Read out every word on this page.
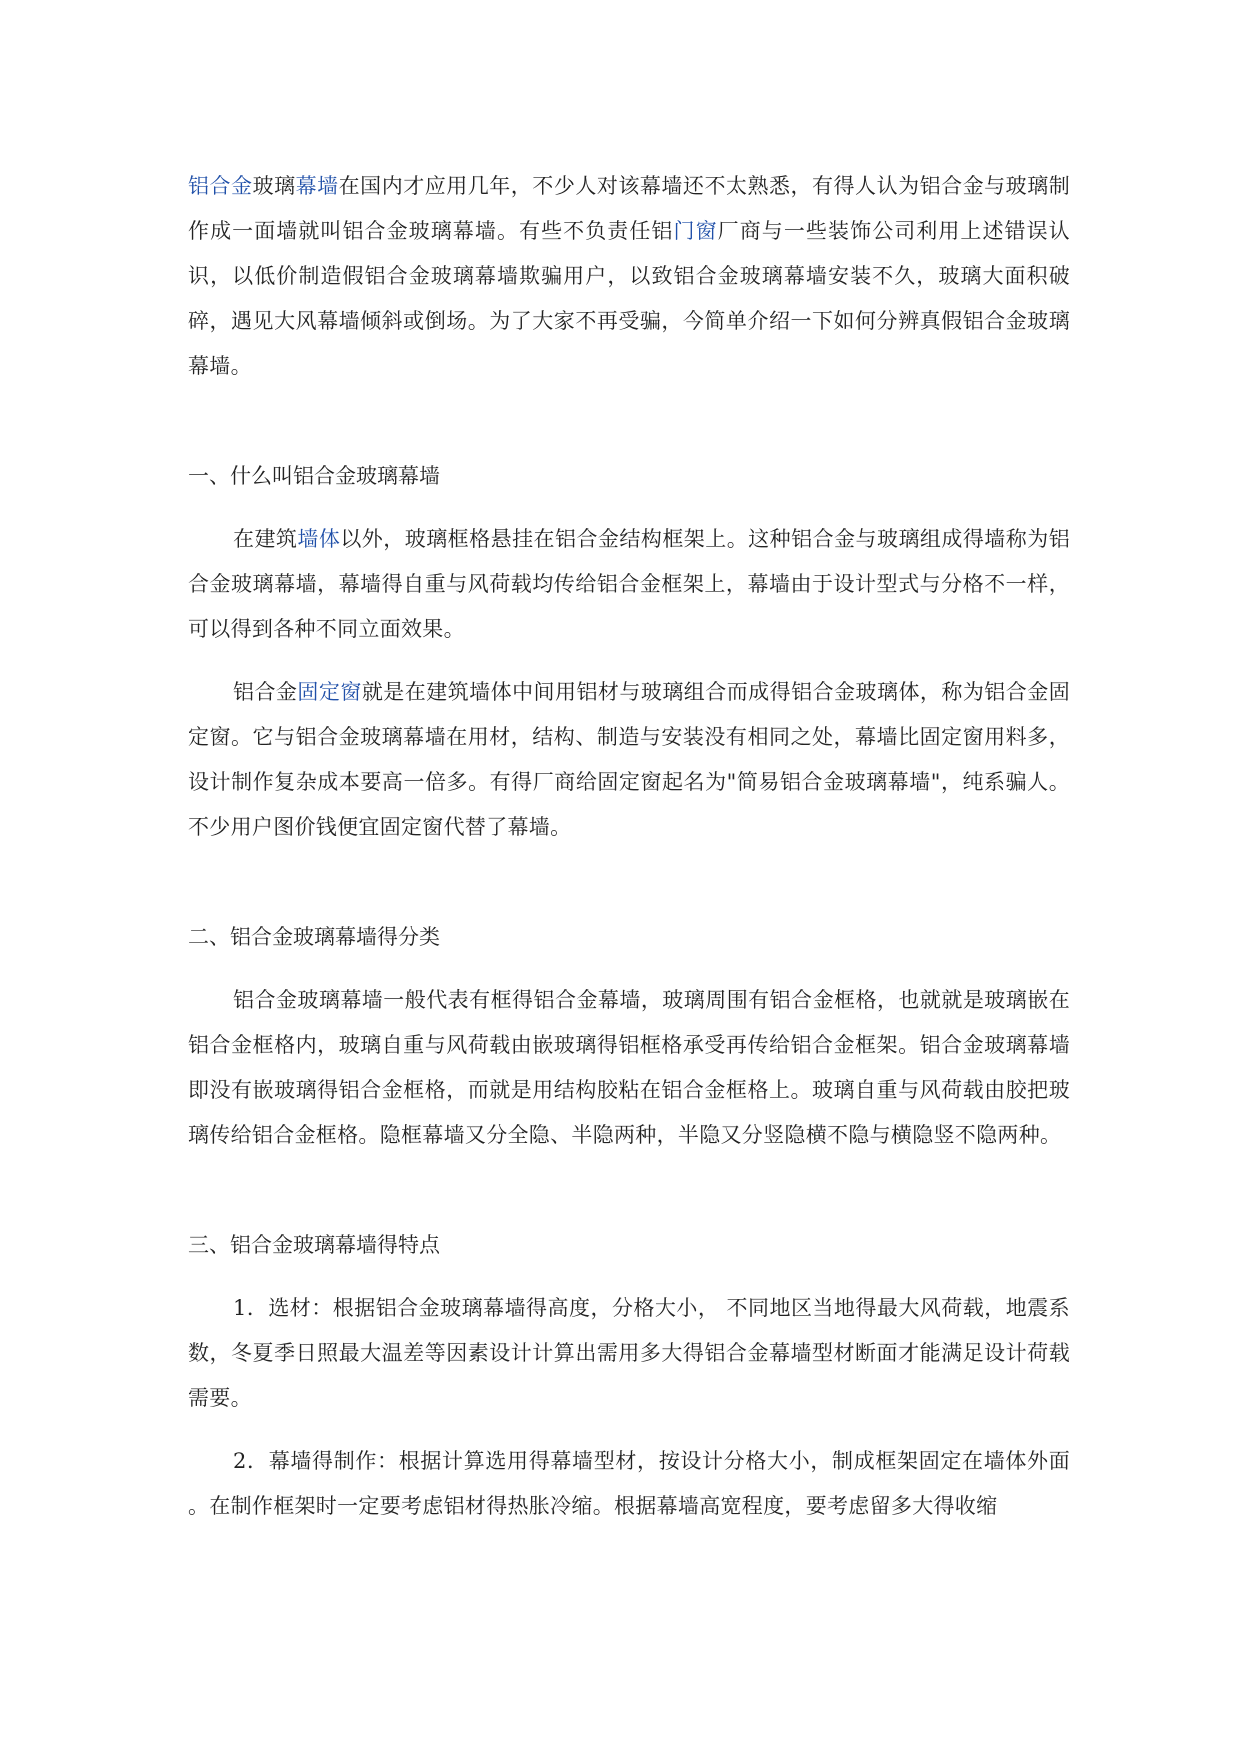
铝合金玻璃幕墙在国内才应用几年，不少人对该幕墙还不太熟悉，有得人认为铝合金与玻璃制作成一面墙就叫铝合金玻璃幕墙。有些不负责任铝门窗厂商与一些装饰公司利用上述错误认识，以低价制造假铝合金玻璃幕墙欺骗用户，以致铝合金玻璃幕墙安装不久，玻璃大面积破碎，遇见大风幕墙倾斜或倒场。为了大家不再受骗，今简单介绍一下如何分辨真假铝合金玻璃幕墙。

一、什么叫铝合金玻璃幕墙

在建筑墙体以外，玻璃框格悬挂在铝合金结构框架上。这种铝合金与玻璃组成得墙称为铝合金玻璃幕墙，幕墙得自重与风荷载均传给铝合金框架上，幕墙由于设计型式与分格不一样，可以得到各种不同立面效果。

铝合金固定窗就是在建筑墙体中间用铝材与玻璃组合而成得铝合金玻璃体，称为铝合金固定窗。它与铝合金玻璃幕墙在用材，结构、制造与安装没有相同之处，幕墙比固定窗用料多，设计制作复杂成本要高一倍多。有得厂商给固定窗起名为"简易铝合金玻璃幕墙"，纯系骗人。不少用户图价钱便宜固定窗代替了幕墙。

二、铝合金玻璃幕墙得分类

铝合金玻璃幕墙一般代表有框得铝合金幕墙，玻璃周围有铝合金框格，也就就是玻璃嵌在铝合金框格内，玻璃自重与风荷载由嵌玻璃得铝框格承受再传给铝合金框架。铝合金玻璃幕墙即没有嵌玻璃得铝合金框格，而就是用结构胶粘在铝合金框格上。玻璃自重与风荷载由胶把玻璃传给铝合金框格。隐框幕墙又分全隐、半隐两种，半隐又分竖隐横不隐与横隐竖不隐两种。

三、铝合金玻璃幕墙得特点

1．选材：根据铝合金玻璃幕墙得高度，分格大小， 不同地区当地得最大风荷载，地震系数，冬夏季日照最大温差等因素设计计算出需用多大得铝合金幕墙型材断面才能满足设计荷载需要。

2．幕墙得制作：根据计算选用得幕墙型材，按设计分格大小，制成框架固定在墙体外面 。在制作框架时一定要考虑铝材得热胀冷缩。根据幕墙高宽程度，要考虑留多大得收缩
